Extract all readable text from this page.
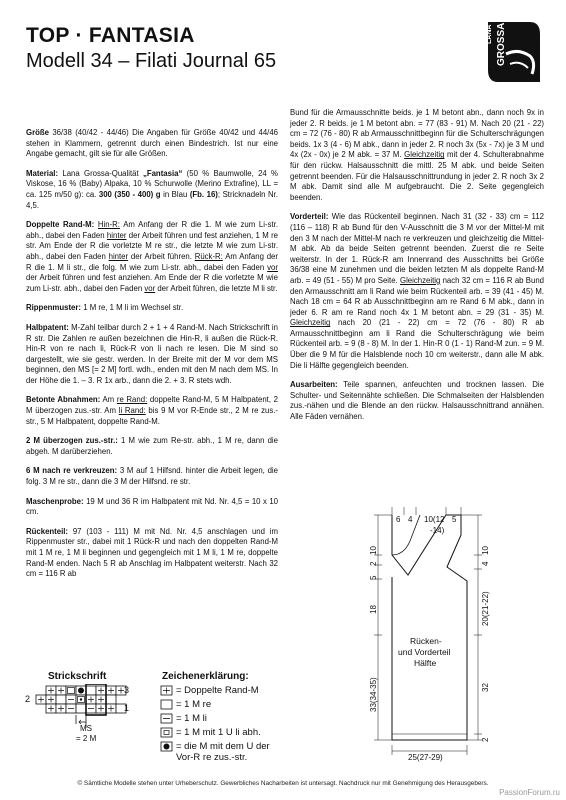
TOP · FANTASIA
Modell 34 – Filati Journal 65
LANA GROSSA

Größe 36/38 (40/42 - 44/46) Die Angaben für Größe 40/42 und 44/46 stehen in Klammern, getrennt durch einen Bindestrich. Ist nur eine Angabe gemacht, gilt sie für alle Größen.

Material: Lana Grossa-Qualität „Fantasia“ (50 % Baumwolle, 24 % Viskose, 16 % (Baby) Alpaka, 10 % Schurwolle (Merino Extrafine), LL = ca. 125 m/50 g): ca. 300 (350 - 400) g in Blau (Fb. 16); Stricknadeln Nr. 4,5.

Doppelte Rand-M: Hin-R: Am Anfang der R die 1. M wie zum Li-str. abh., dabei den Faden hinter der Arbeit führen und fest anziehen, 1 M re str. Am Ende der R die vorletzte M re str., die letzte M wie zum Li-str. abh., dabei den Faden hinter der Arbeit führen. Rück-R: Am Anfang der R die 1. M li str., die folg. M wie zum Li-str. abh., dabei den Faden vor der Arbeit führen und fest anziehen. Am Ende der R die vorletzte M wie zum Li-str. abh., dabei den Faden vor der Arbeit führen, die letzte M li str.

Rippenmuster: 1 M re, 1 M li im Wechsel str.

Halbpatent: M-Zahl teilbar durch 2 + 1 + 4 Rand-M. Nach Strickschrift in R str. Die Zahlen re außen bezeichnen die Hin-R, li außen die Rück-R. Hin-R von re nach li, Rück-R von li nach re lesen. Die M sind so dargestellt, wie sie gestr. werden. In der Breite mit der M vor dem MS beginnen, den MS [= 2 M] fortl. wdh., enden mit den M nach dem MS. In der Höhe die 1. – 3. R 1x arb., dann die 2. + 3. R stets wdh.

Betonte Abnahmen: Am re Rand: doppelte Rand-M, 5 M Halbpatent, 2 M überzogen zus.-str. Am li Rand: bis 9 M vor R-Ende str., 2 M re zus.-str., 5 M Halbpatent, doppelte Rand-M.

2 M überzogen zus.-str.: 1 M wie zum Re-str. abh., 1 M re, dann die abgeh. M darüberziehen.

6 M nach re verkreuzen: 3 M auf 1 Hilfsnd. hinter die Arbeit legen, die folg. 3 M re str., dann die 3 M der Hilfsnd. re str.

Maschenprobe: 19 M und 36 R im Halbpatent mit Nd. Nr. 4,5 = 10 x 10 cm.

Rückenteil: 97 (103 - 111) M mit Nd. Nr. 4,5 anschlagen und im Rippenmuster str., dabei mit 1 Rück-R und nach den doppelten Rand-M mit 1 M re, 1 M li beginnen und gegengleich mit 1 M li, 1 M re, doppelte Rand-M enden. Nach 5 R ab Anschlag im Halbpatent weiterstr. Nach 32 cm = 116 R ab

Bund für die Armausschnitte beids. je 1 M betont abn., dann noch 9x in jeder 2. R beids. je 1 M betont abn. = 77 (83 - 91) M. Nach 20 (21 - 22) cm = 72 (76 - 80) R ab Armausschnittbeginn für die Schulterschrägungen beids. 1x 3 (4 - 6) M abk., dann in jeder 2. R noch 3x (5x - 7x) je 3 M und 4x (2x - 0x) je 2 M abk. = 37 M. Gleichzeitig mit der 4. Schulterabnahme für den rückw. Halsausschnitt die mittl. 25 M abk. und beide Seiten getrennt beenden. Für die Halsausschnittrundung in jeder 2. R noch 3x 2 M abk. Damit sind alle M aufgebraucht. Die 2. Seite gegengleich beenden.

Vorderteil: Wie das Rückenteil beginnen. Nach 31 (32 - 33) cm = 112 (116 – 118) R ab Bund für den V-Ausschnitt die 3 M vor der Mittel-M mit den 3 M nach der Mittel-M nach re verkreuzen und gleichzeitig die Mittel-M abk. Ab da beide Seiten getrennt beenden. Zuerst die re Seite weiterstr. In der 1. Rück-R am Innenrand des Ausschnitts bei Größe 36/38 eine M zunehmen und die beiden letzten M als doppelte Rand-M arb. = 49 (51 - 55) M pro Seite. Gleichzeitig nach 32 cm = 116 R ab Bund den Armausschnitt am li Rand wie beim Rückenteil arb. = 39 (41 - 45) M. Nach 18 cm = 64 R ab Ausschnittbeginn am re Rand 6 M abk., dann in jeder 6. R am re Rand noch 4x 1 M betont abn. = 29 (31 - 35) M. Gleichzeitig nach 20 (21 - 22) cm = 72 (76 - 80) R ab Armausschnittbeginn am li Rand die Schulterschrägung wie beim Rückenteil arb. = 9 (8 - 8) M. In der 1. Hin-R 0 (1 - 1) Rand-M zun. = 9 M. Über die 9 M für die Halsblende noch 10 cm weiterstr., dann alle M abk. Die li Hälfte gegengleich beenden.

Ausarbeiten: Teile spannen, anfeuchten und trocknen lassen. Die Schulter- und Seitennähte schließen. Die Schmalseiten der Halsblenden zus.-nähen und die Blende an den rückw. Halsausschnittrand annähen. Alle Fäden vernähen.

Strickschrift
3
2
1
MS
= 2 M
Zeichenerklärung:
= Doppelte Rand-M
= 1 M re
= 1 M li
= 1 M mit 1 U li abh.
= die M mit dem U der Vor-R re zus.-str.
6 4 10(12
-14)
5
10
2
5
18
33(34-35)
10
4
20(21-22)
32
2
Rücken-
und Vorderteil
Hälfte
25(27-29)
© Sämtliche Modelle stehen unter Urheberschutz. Gewerbliches Nacharbeiten ist untersagt. Nachdruck nur mit Genehmigung des Herausgebers.
PassionForum.ru
